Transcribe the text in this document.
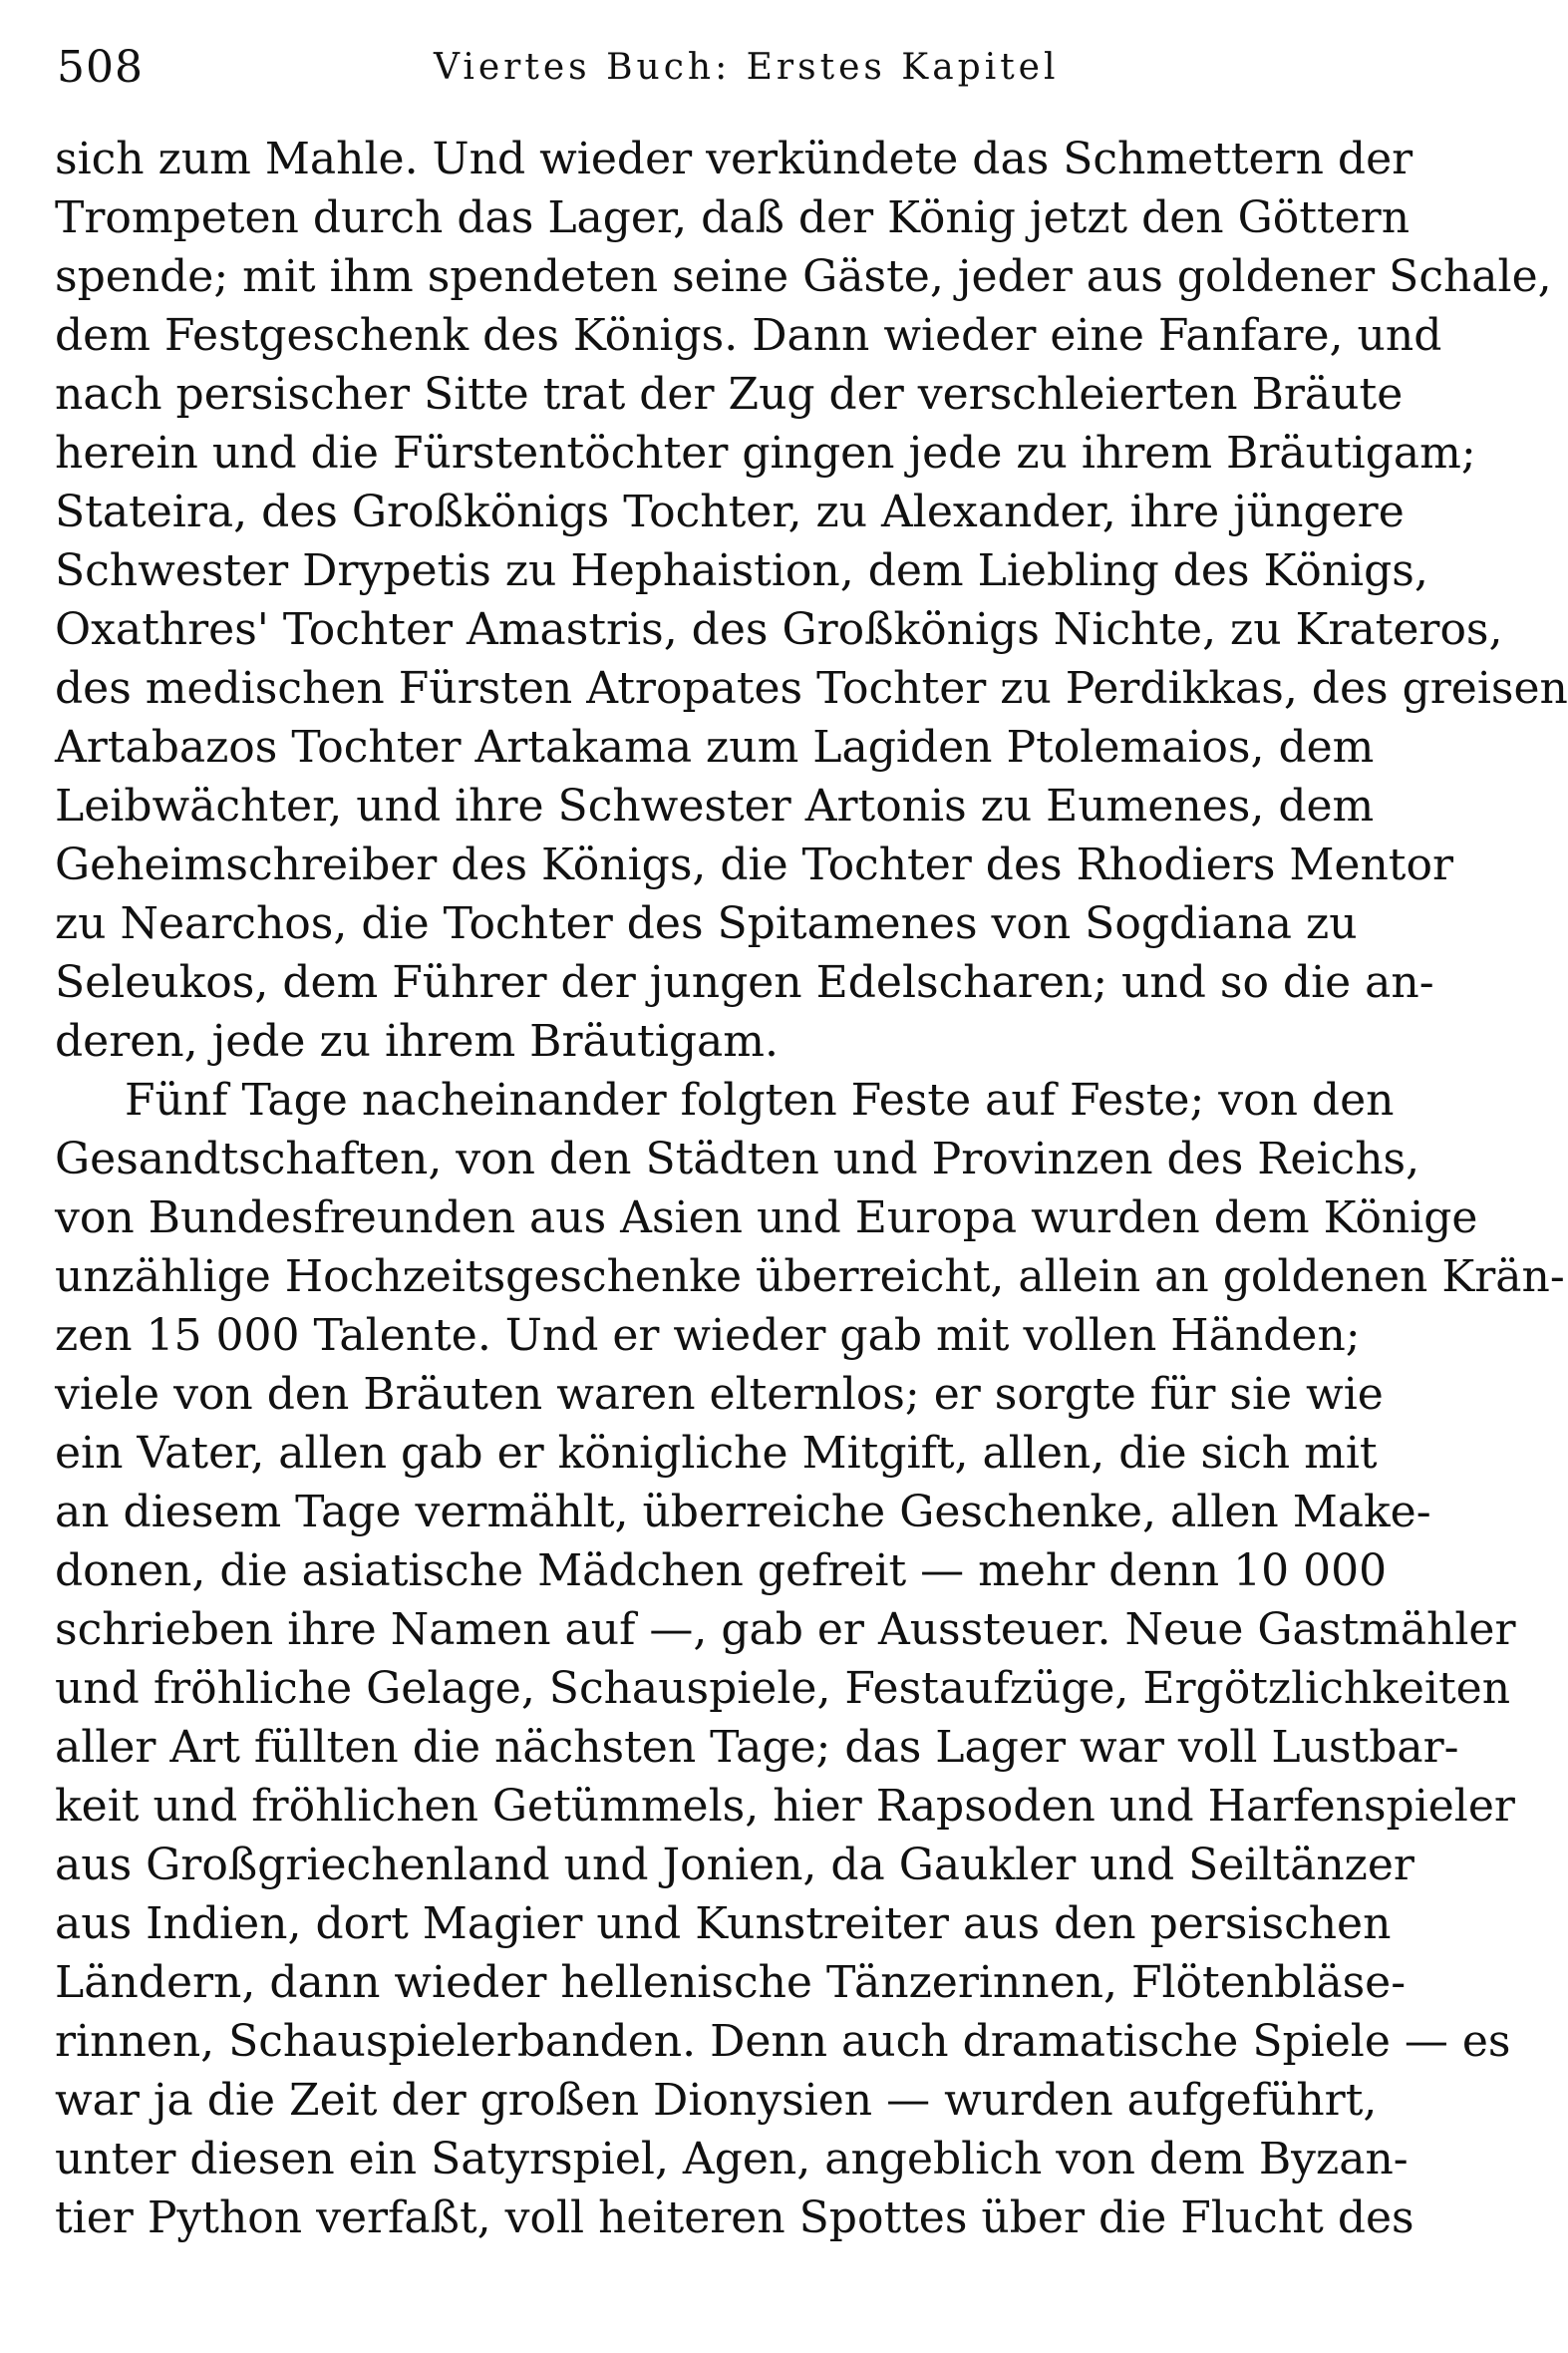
508	Viertes Buch: Erstes Kapitel
sich zum Mahle. Und wieder verkündete das Schmettern der
Trompeten durch das Lager, daß der König jetzt den Göttern
spende; mit ihm spendeten seine Gäste, jeder aus goldener Schale,
dem Festgeschenk des Königs. Dann wieder eine Fanfare, und
nach persischer Sitte trat der Zug der verschleierten Bräute
herein und die Fürstentöchter gingen jede zu ihrem Bräutigam;
Stateira, des Großkönigs Tochter, zu Alexander, ihre jüngere
Schwester Drypetis zu Hephaistion, dem Liebling des Königs,
Oxathres' Tochter Amastris, des Großkönigs Nichte, zu Krateros,
des medischen Fürsten Atropates Tochter zu Perdikkas, des greisen
Artabazos Tochter Artakama zum Lagiden Ptolemaios, dem
Leibwächter, und ihre Schwester Artonis zu Eumenes, dem
Geheimschreiber des Königs, die Tochter des Rhodiers Mentor
zu Nearchos, die Tochter des Spitamenes von Sogdiana zu
Seleukos, dem Führer der jungen Edelscharen; und so die an-
deren, jede zu ihrem Bräutigam.
Fünf Tage nacheinander folgten Feste auf Feste; von den
Gesandtschaften, von den Städten und Provinzen des Reichs,
von Bundesfreunden aus Asien und Europa wurden dem Könige
unzählige Hochzeitsgeschenke überreicht, allein an goldenen Krän-
zen 15 000 Talente. Und er wieder gab mit vollen Händen;
viele von den Bräuten waren elternlos; er sorgte für sie wie
ein Vater, allen gab er königliche Mitgift, allen, die sich mit
an diesem Tage vermählt, überreiche Geschenke, allen Make-
donen, die asiatische Mädchen gefreit — mehr denn 10 000
schrieben ihre Namen auf —, gab er Aussteuer. Neue Gastmähler
und fröhliche Gelage, Schauspiele, Festaufzüge, Ergötzlichkeiten
aller Art füllten die nächsten Tage; das Lager war voll Lustbar-
keit und fröhlichen Getümmels, hier Rapsoden und Harfenspieler
aus Großgriechenland und Jonien, da Gaukler und Seiltänzer
aus Indien, dort Magier und Kunstreiter aus den persischen
Ländern, dann wieder hellenische Tänzerinnen, Flötenbläse-
rinnen, Schauspielerbanden. Denn auch dramatische Spiele — es
war ja die Zeit der großen Dionysien — wurden aufgeführt,
unter diesen ein Satyrspiel, Agen, angeblich von dem Byzan-
tier Python verfaßt, voll heiteren Spottes über die Flucht des
